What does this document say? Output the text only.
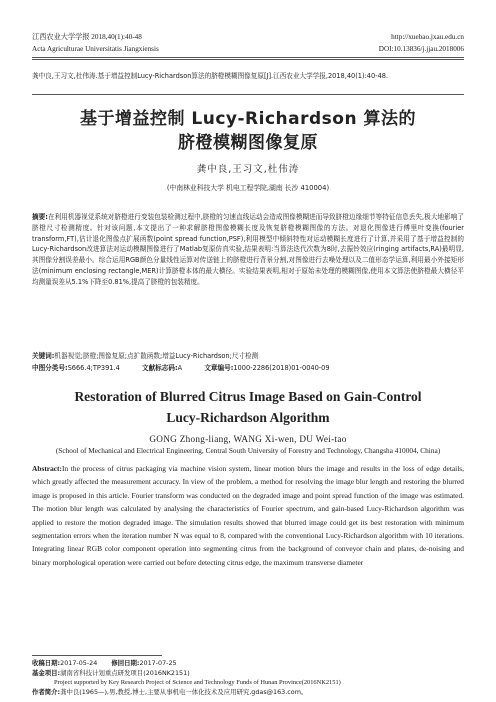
江西农业大学学报 2018,40(1):40-48	http://xuebao.jxau.edu.cn
Acta Agriculturae Universitatis Jiangxiensis	DOI:10.13836/j.jjau.2018006
龚中良,王习文,杜伟涛.基于增益控制Lucy-Richardson算法的脐橙模糊图像复原[J].江西农业大学学报,2018,40(1):40-48.
基于增益控制 Lucy-Richardson 算法的
脐橙模糊图像复原
龚中良,王习文,杜伟涛
(中南林业科技大学 机电工程学院,湖南 长沙 410004)
摘要:在利用机器视觉系统对脐橙进行变装包装检测过程中,脐橙的匀速直线运动会造成图像模糊进而导致脐橙边缘细节等特征信息丢失,极大地影响了脐橙尺寸检测精度。针对该问题,本文提出了一种求解脐橙图像模糊长度及恢复脐橙模糊图像的方法。对退化图像进行傅里叶变换(fourier transform,FT),估计退化图像点扩展函数(point spread function,PSF),利用模型中倾斜特性对运动模糊长度进行了计算,并采用了基于增益控制的Lucy-Richardson改进算法对运动模糊图像进行了Matlab复原仿真实验,结果表明:当算法迭代次数为8时,去振铃效应(ringing artifacts,RA)最明显,其图像分割误差最小。综合运用RGB颜色分量线性运算对传送链上的脐橙进行背景分割,对图像进行去噪处理以及二值形态学运算,利用最小外接矩形法(minimum enclosing rectangle,MER)计算脐橙本体的最大横径。实验结果表明,相对于原始未处理的模糊图像,使用本文算法使脐橙最大横径平均测量误差从5.1%下降至0.81%,提高了脐橙的包装精度。
关键词:机器视觉;脐橙;图像复原;点扩散函数;增益Lucy-Richardson;尺寸检测
中图分类号:S666.4;TP391.4	文献标志码:A	文章编号:1000-2286(2018)01-0040-09
Restoration of Blurred Citrus Image Based on Gain-Control
Lucy-Richardson Algorithm
GONG Zhong-liang, WANG Xi-wen, DU Wei-tao
(School of Mechanical and Electrical Engineering, Central South University of Forestry and Technology, Changsha 410004, China)
Abstract:In the process of citrus packaging via machine vision system, linear motion blurs the image and results in the loss of edge details, which greatly affected the measurement accuracy. In view of the problem, a method for resolving the image blur length and restoring the blurred image is proposed in this article. Fourier transform was conducted on the degraded image and point spread function of the image was estimated. The motion blur length was calculated by analysing the characteristics of Fourier spectrum, and gain-based Lucy-Richardson algorithm was applied to restore the motion degraded image. The simulation results showed that blurred image could get its best restoration with minimum segmentation errors when the iteration number N was equal to 8, compared with the conventional Lucy-Richardson algorithm with 10 iterations. Integrating linear RGB color component operation into segmenting citrus from the background of conveyor chain and plates, de-noising and binary morphological operation were carried out before detecting citrus edge, the maximum transverse diameter
收稿日期:2017-05-24 修回日期:2017-07-25
基金项目:湖南省科技计划重点研发项目(2016NK2151)
Project supported by Key Research Project of Science and Technology Funds of Hunan Province(2016NK2151)
作者简介:龚中良(1965—),男,教授,博士,主要从事机电一体化技术及应用研究,gdas@163.com。
